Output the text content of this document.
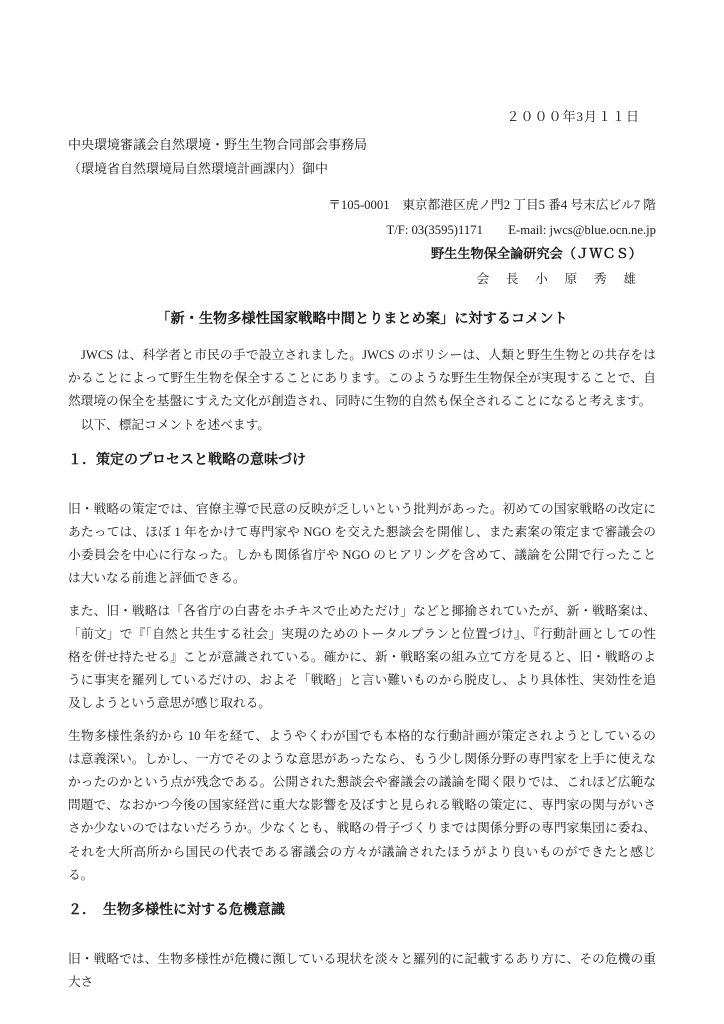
２０００年3月１１日
中央環境審議会自然環境・野生生物合同部会事務局
（環境省自然環境局自然環境計画課内）御中
〒105-0001　東京都港区虎ノ門2 丁目5 番4 号末広ビル7 階
T/F: 03(3595)1171　　E-mail: jwcs@blue.ocn.ne.jp
野生生物保全論研究会（ＪＷＣＳ）
会　長　小　原　秀　雄
「新・生物多様性国家戦略中間とりまとめ案」に対するコメント

　JWCS は、科学者と市民の手で設立されました。JWCS のポリシーは、人類と野生生物との共存をはかることによって野生生物を保全することにあります。このような野生生物保全が実現することで、自然環境の保全を基盤にすえた文化が創造され、同時に生物的自然も保全されることになると考えます。

　以下、標記コメントを述べます。

１．策定のプロセスと戦略の意味づけ

旧・戦略の策定では、官僚主導で民意の反映が乏しいという批判があった。初めての国家戦略の改定にあたっては、ほぼ 1 年をかけて専門家や NGO を交えた懇談会を開催し、また素案の策定まで審議会の小委員会を中心に行なった。しかも関係省庁や NGO のヒアリングを含めて、議論を公開で行ったことは大いなる前進と評価できる。

また、旧・戦略は「各省庁の白書をホチキスで止めただけ」などと揶揄されていたが、新・戦略案は、「前文」で『「自然と共生する社会」実現のためのトータルプランと位置づけ』、『行動計画としての性格を併せ持たせる』ことが意識されている。確かに、新・戦略案の組み立て方を見ると、旧・戦略のように事実を羅列しているだけの、およそ「戦略」と言い難いものから脱皮し、より具体性、実効性を追及しようという意思が感じ取れる。

生物多様性条約から 10 年を経て、ようやくわが国でも本格的な行動計画が策定されようとしているのは意義深い。しかし、一方でそのような意思があったなら、もう少し関係分野の専門家を上手に使えなかったのかという点が残念である。公開された懇談会や審議会の議論を聞く限りでは、これほど広範な問題で、なおかつ今後の国家経営に重大な影響を及ぼすと見られる戦略の策定に、専門家の関与がいささか少ないのではないだろうか。少なくとも、戦略の骨子づくりまでは関係分野の専門家集団に委ね、それを大所高所から国民の代表である審議会の方々が議論されたほうがより良いものができたと感じる。

２．　生物多様性に対する危機意識

旧・戦略では、生物多様性が危機に瀕している現状を淡々と羅列的に記載するあり方に、その危機の重大さ
